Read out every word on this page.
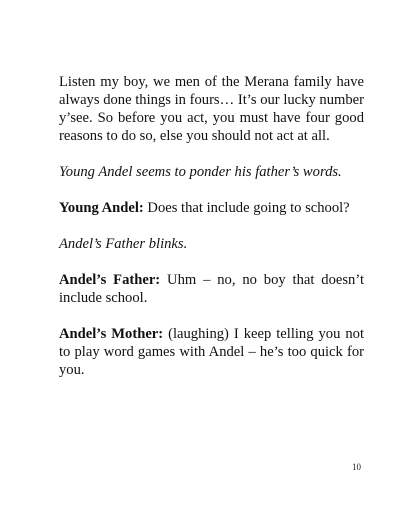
Listen my boy, we men of the Merana family have always done things in fours… It’s our lucky number y’see. So before you act, you must have four good reasons to do so, else you should not act at all.

Young Andel seems to ponder his father’s words.

Young Andel: Does that include going to school?

Andel’s Father blinks.

Andel’s Father: Uhm – no, no boy that doesn’t include school.

Andel’s Mother: (laughing) I keep telling you not to play word games with Andel – he’s too quick for you.

10
